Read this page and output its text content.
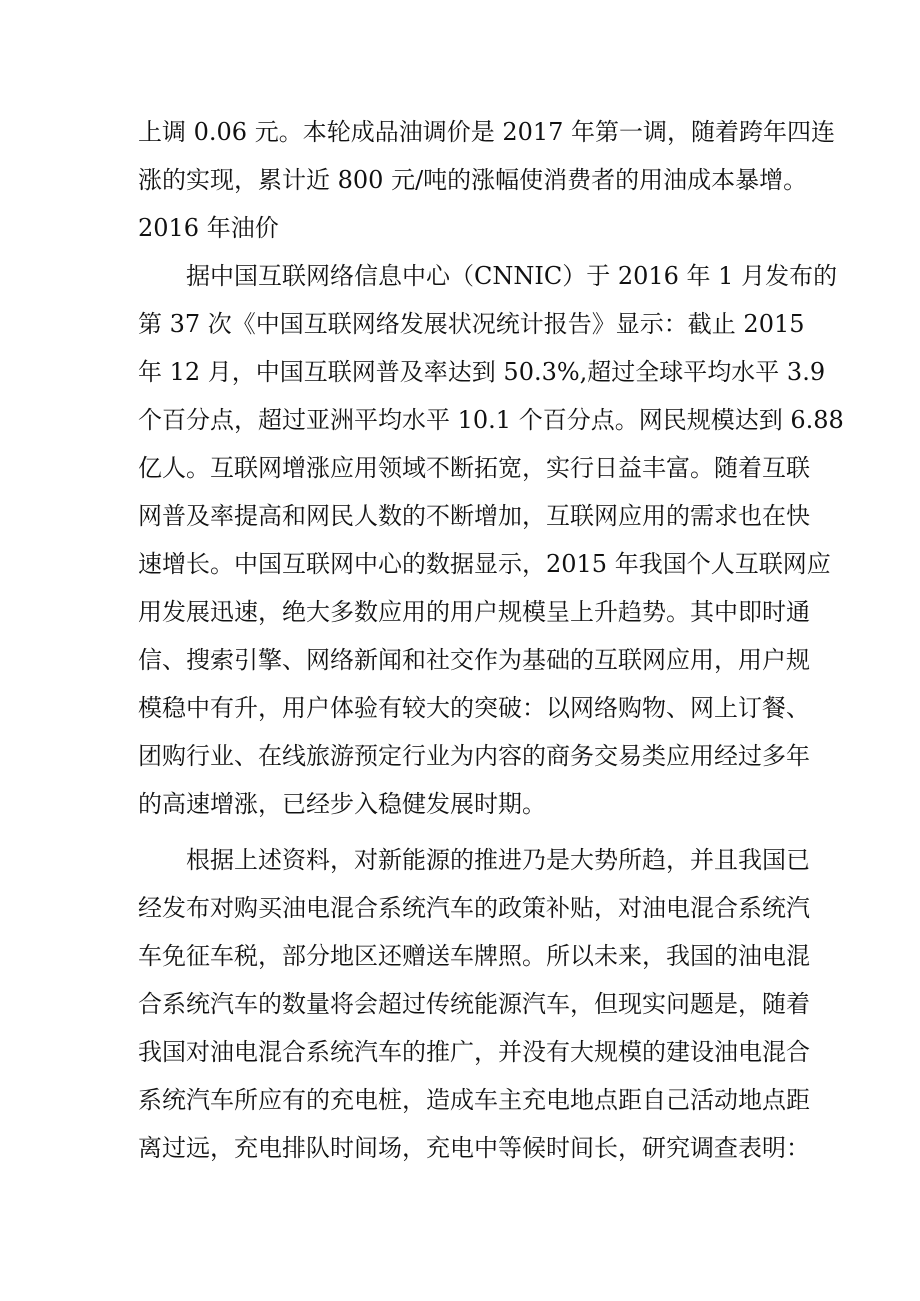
上调 0.06 元。本轮成品油调价是 2017 年第一调，随着跨年四连
涨的实现，累计近 800 元/吨的涨幅使消费者的用油成本暴增。
2016 年油价
据中国互联网络信息中心（CNNIC）于 2016 年 1 月发布的
第 37 次《中国互联网络发展状况统计报告》显示：截止 2015
年 12 月，中国互联网普及率达到 50.3%,超过全球平均水平 3.9
个百分点，超过亚洲平均水平 10.1 个百分点。网民规模达到 6.88
亿人。互联网增涨应用领域不断拓宽，实行日益丰富。随着互联
网普及率提高和网民人数的不断增加，互联网应用的需求也在快
速增长。中国互联网中心的数据显示，2015 年我国个人互联网应
用发展迅速，绝大多数应用的用户规模呈上升趋势。其中即时通
信、搜索引擎、网络新闻和社交作为基础的互联网应用，用户规
模稳中有升，用户体验有较大的突破：以网络购物、网上订餐、
团购行业、在线旅游预定行业为内容的商务交易类应用经过多年
的高速增涨，已经步入稳健发展时期。
根据上述资料，对新能源的推进乃是大势所趋，并且我国已
经发布对购买油电混合系统汽车的政策补贴，对油电混合系统汽
车免征车税，部分地区还赠送车牌照。所以未来，我国的油电混
合系统汽车的数量将会超过传统能源汽车，但现实问题是，随着
我国对油电混合系统汽车的推广，并没有大规模的建设油电混合
系统汽车所应有的充电桩，造成车主充电地点距自己活动地点距
离过远，充电排队时间场，充电中等候时间长，研究调查表明：
